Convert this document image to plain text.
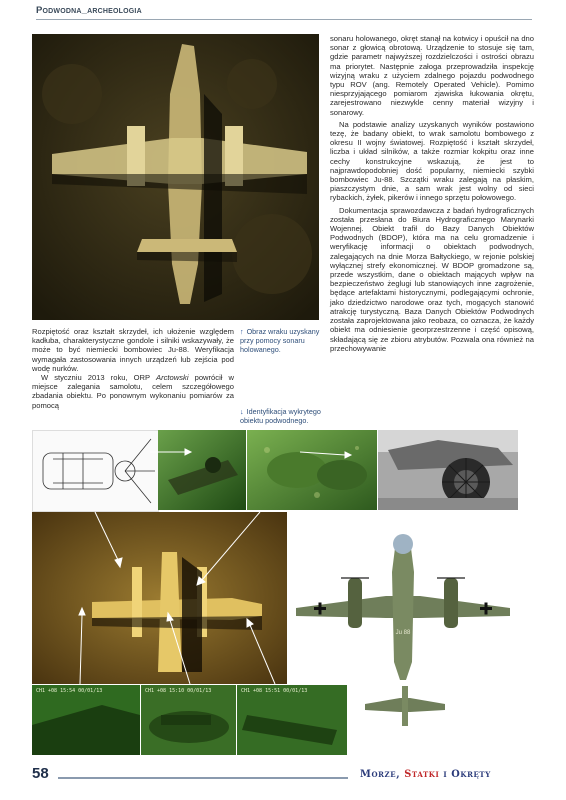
Podwodna_archeologia

Rozpiętość oraz kształt skrzydeł, ich ułożenie względem kadłuba, charakterystyczne gondole i silniki wskazywały, że może to być niemiecki bombowiec Ju-88. Weryfikacja wymagała zastosowania innych urządzeń lub zejścia pod wodę nurków.

W styczniu 2013 roku, ORP Arctowski powrócił w miejsce zalegania samolotu, celem szczegółowego zbadania obiektu. Po ponownym wykonaniu pomiarów za pomocą

↑ Obraz wraku uzyskany przy pomocy sonaru holowanego.
↓ Identyfikacja wykrytego obiektu podwodnego.

sonaru holowanego, okręt stanął na kotwicy i opuścił na dno sonar z głowicą obrotową. Urządzenie to stosuje się tam, gdzie parametr najwyższej rozdzielczości i ostrości obrazu ma priorytet. Następnie załoga przeprowadziła inspekcję wizyjną wraku z użyciem zdalnego pojazdu podwodnego typu ROV (ang. Remotely Operated Vehicle). Pomimo niesprzyjającego pomiarom zjawiska łukowania okrętu, zarejestrowano niezwykle cenny materiał wizyjny i sonarowy.

Na podstawie analizy uzyskanych wyników postawiono tezę, że badany obiekt, to wrak samolotu bombowego z okresu II wojny światowej. Rozpiętość i kształt skrzydeł, liczba i układ silników, a także rozmiar kokpitu oraz inne cechy konstrukcyjne wskazują, że jest to najprawdopodobniej dość popularny, niemiecki szybki bombowiec Ju-88. Szczątki wraku zalegają na płaskim, piaszczystym dnie, a sam wrak jest wolny od sieci rybackich, żyłek, pikerów i innego sprzętu połowowego.

Dokumentacja sprawozdawcza z badań hydrograficznych została przesłana do Biura Hydrograficznego Marynarki Wojennej. Obiekt trafił do Bazy Danych Obiektów Podwodnych (BDOP), która ma na celu gromadzenie i weryfikację informacji o obiektach podwodnych, zalegających na dnie Morza Bałtyckiego, w rejonie polskiej wyłącznej strefy ekonomicznej. W BDOP gromadzone są, przede wszystkim, dane o obiektach mających wpływ na bezpieczeństwo żeglugi lub stanowiących inne zagrożenie, będące artefaktami historycznymi, podlegającymi ochronie, jako dziedzictwo narodowe oraz tych, mogących stanowić atrakcję turystyczną. Baza Danych Obiektów Podwodnych została zaprojektowana jako reobaza, co oznacza, że każdy obiekt ma odniesienie georprzestrzenne i część opisową, składającą się ze zbioru atrybutów. Pozwala ona również na przechowywanie

Ju 88
CH1 +08 15:54 00/01/13	CH1 +08 15:10 00/01/13	CH1 +08 15:51 00/01/13
58	Morze, Statki i Okręty
